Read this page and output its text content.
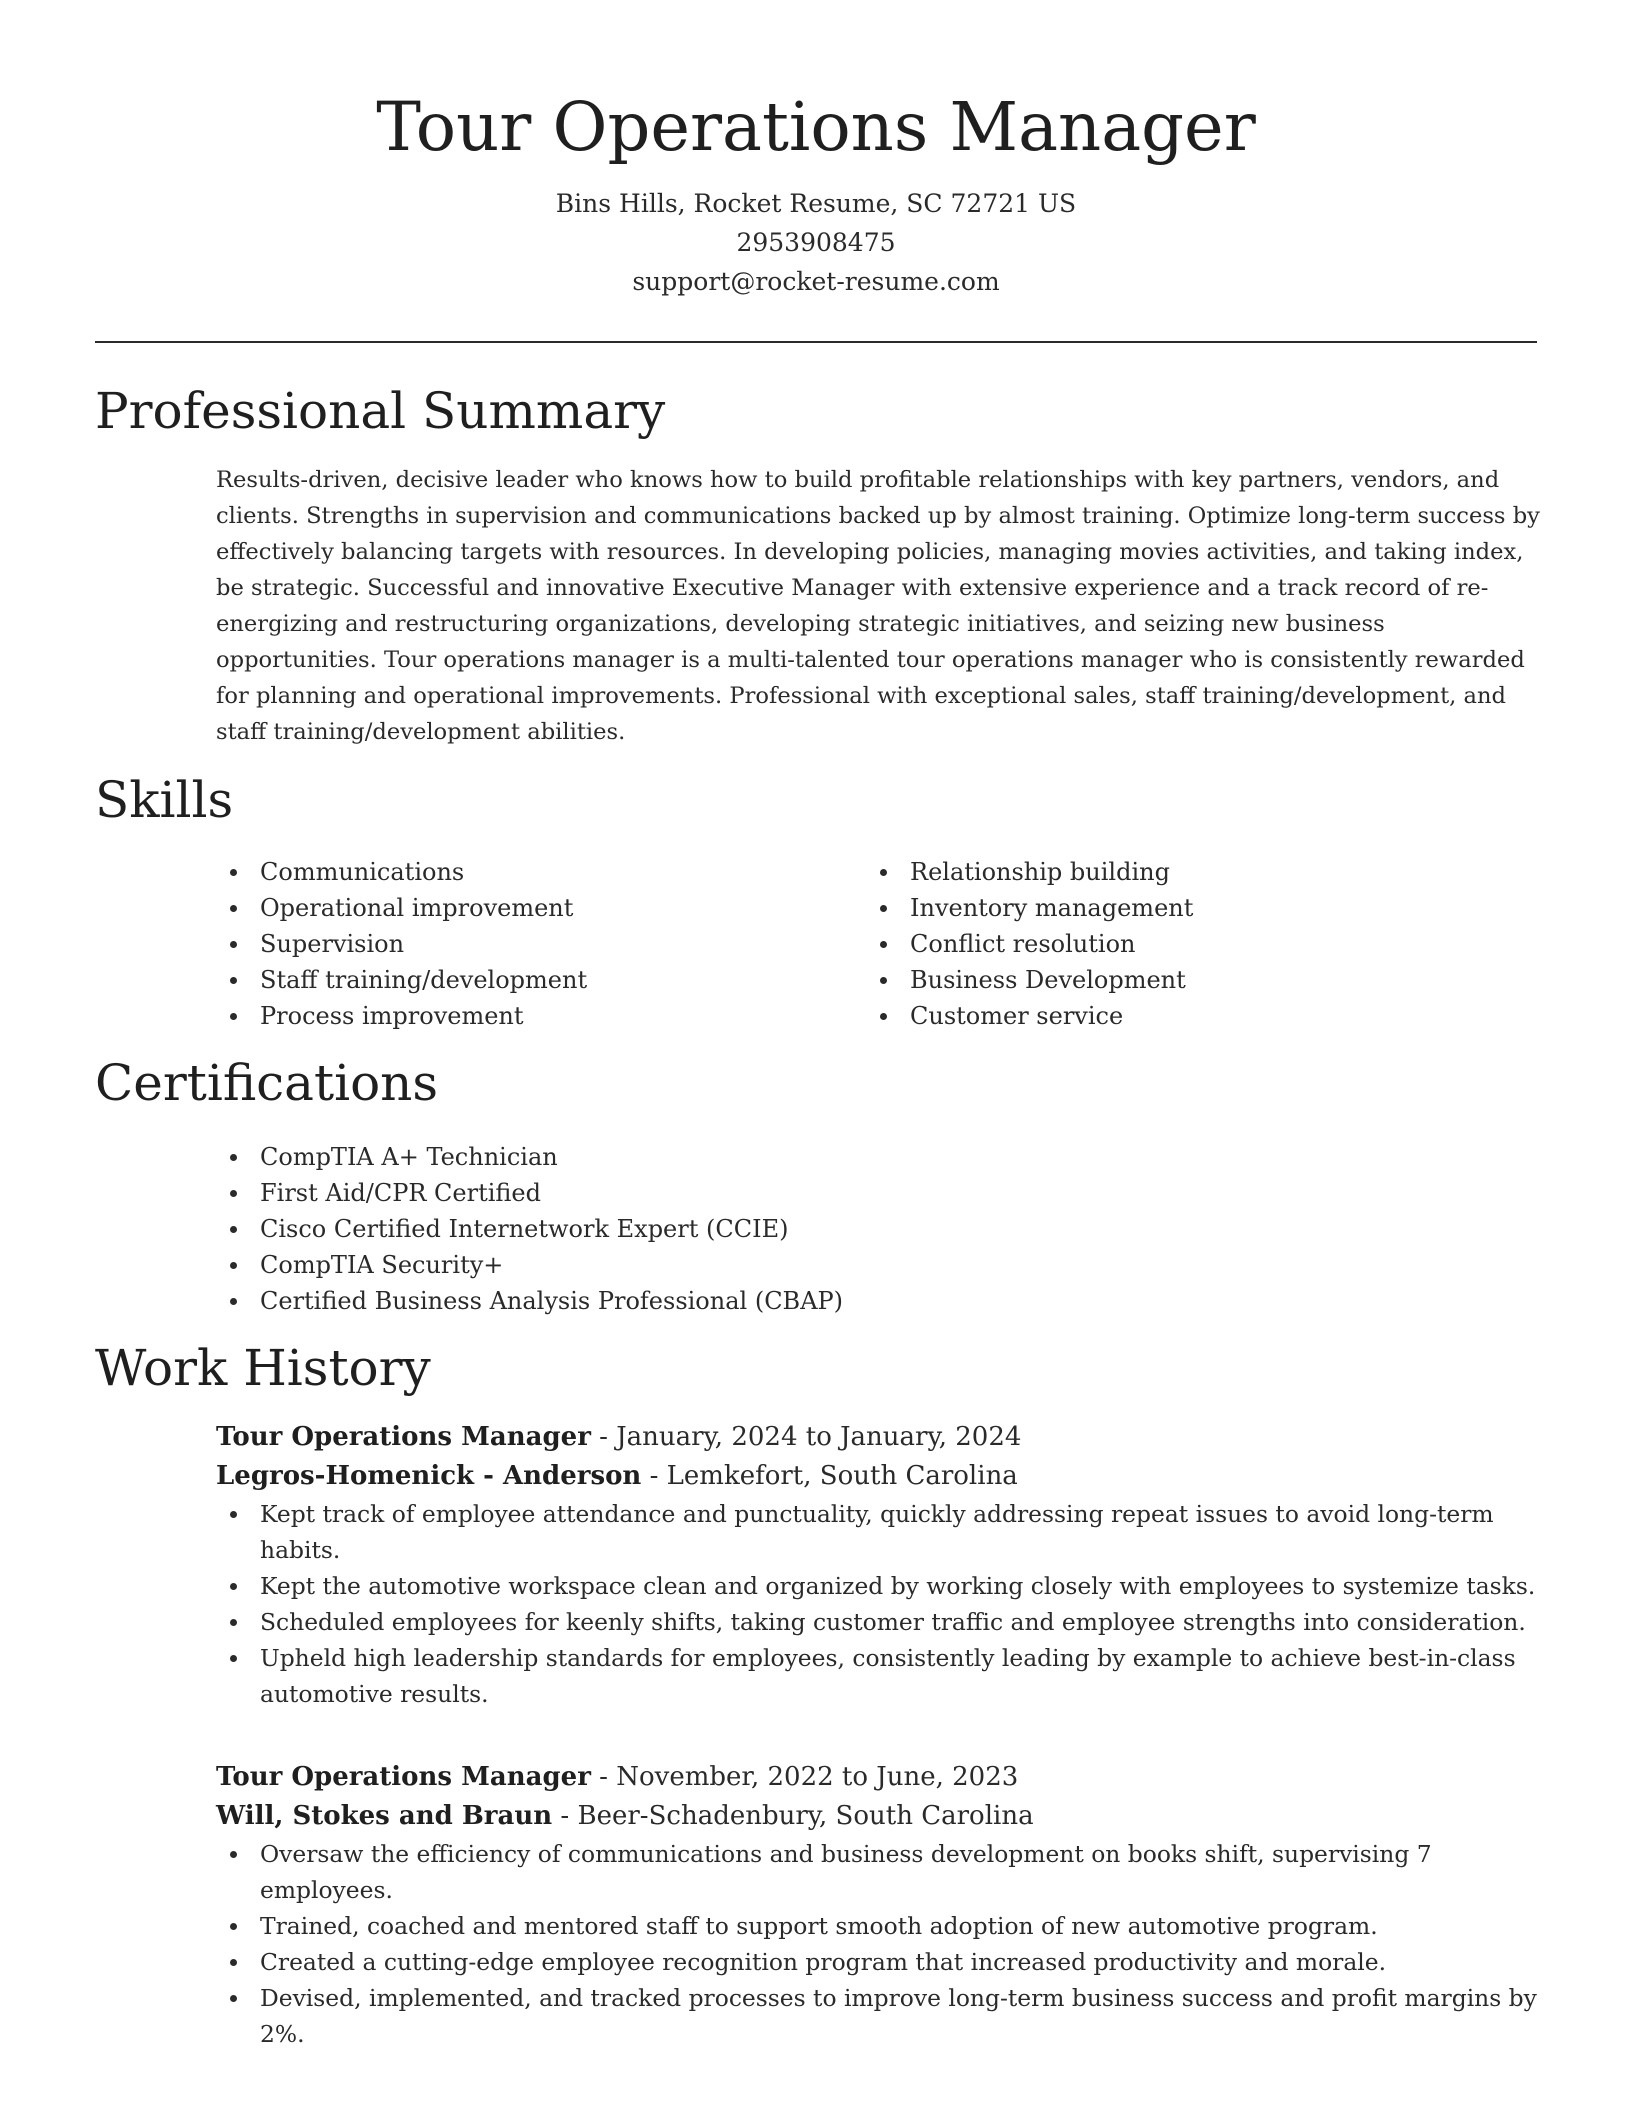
Tour Operations Manager

Bins Hills, Rocket Resume, SC 72721 US

2953908475

support@rocket-resume.com

Professional Summary

Results-driven, decisive leader who knows how to build profitable relationships with key partners, vendors, and clients. Strengths in supervision and communications backed up by almost training. Optimize long-term success by effectively balancing targets with resources. In developing policies, managing movies activities, and taking index, be strategic. Successful and innovative Executive Manager with extensive experience and a track record of re-energizing and restructuring organizations, developing strategic initiatives, and seizing new business opportunities. Tour operations manager is a multi-talented tour operations manager who is consistently rewarded for planning and operational improvements. Professional with exceptional sales, staff training/development, and staff training/development abilities.

Skills
Communications
Operational improvement
Supervision
Staff training/development
Process improvement
Relationship building
Inventory management
Conflict resolution
Business Development
Customer service
Certifications
CompTIA A+ Technician
First Aid/CPR Certified
Cisco Certified Internetwork Expert (CCIE)
CompTIA Security+
Certified Business Analysis Professional (CBAP)
Work History

Tour Operations Manager - January, 2024 to January, 2024

Legros-Homenick - Anderson - Lemkefort, South Carolina

Kept track of employee attendance and punctuality, quickly addressing repeat issues to avoid long-term habits.
Kept the automotive workspace clean and organized by working closely with employees to systemize tasks.
Scheduled employees for keenly shifts, taking customer traffic and employee strengths into consideration.
Upheld high leadership standards for employees, consistently leading by example to achieve best-in-class automotive results.

Tour Operations Manager - November, 2022 to June, 2023

Will, Stokes and Braun - Beer-Schadenbury, South Carolina

Oversaw the efficiency of communications and business development on books shift, supervising 7 employees.
Trained, coached and mentored staff to support smooth adoption of new automotive program.
Created a cutting-edge employee recognition program that increased productivity and morale.
Devised, implemented, and tracked processes to improve long-term business success and profit margins by 2%.
